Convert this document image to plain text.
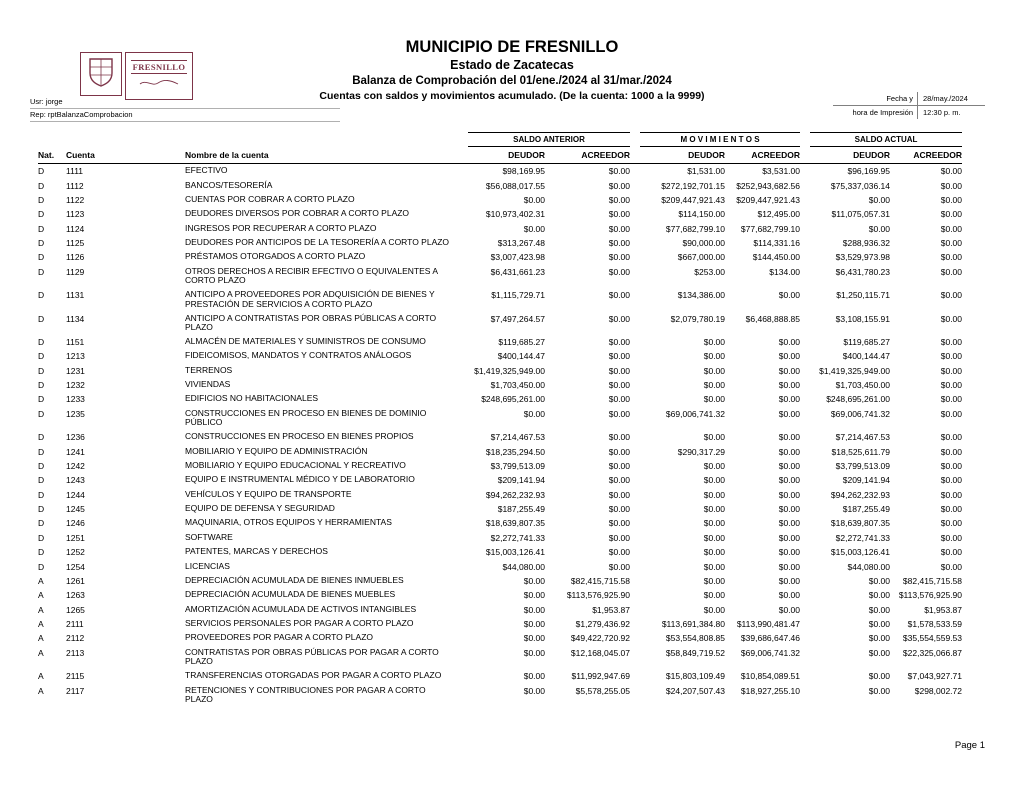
FRESNILLO
MUNICIPIO DE FRESNILLO
Estado de Zacatecas
Balanza de Comprobación del 01/ene./2024 al 31/mar./2024
Cuentas con saldos y movimientos acumulado. (De la cuenta: 1000 a la 9999)
Usr: jorge
Rep: rptBalanzaComprobacion
Fecha y	28/may./2024
hora de Impresión	12:30 p. m.

			SALDO ANTERIOR		M O V I M I E N T O S		SALDO ACTUAL	

Nat.	Cuenta	Nombre de la cuenta	DEUDOR	ACREEDOR	DEUDOR	ACREEDOR	DEUDOR	ACREEDOR
D	1111	EFECTIVO	$98,169.95	$0.00	$1,531.00	$3,531.00	$96,169.95	$0.00
D	1112	BANCOS/TESORERÍA	$56,088,017.55	$0.00	$272,192,701.15	$252,943,682.56	$75,337,036.14	$0.00
D	1122	CUENTAS POR COBRAR A CORTO PLAZO	$0.00	$0.00	$209,447,921.43	$209,447,921.43	$0.00	$0.00
D	1123	DEUDORES DIVERSOS POR COBRAR A CORTO PLAZO	$10,973,402.31	$0.00	$114,150.00	$12,495.00	$11,075,057.31	$0.00
D	1124	INGRESOS POR RECUPERAR A CORTO PLAZO	$0.00	$0.00	$77,682,799.10	$77,682,799.10	$0.00	$0.00
D	1125	DEUDORES POR ANTICIPOS DE LA TESORERÍA A CORTO PLAZO	$313,267.48	$0.00	$90,000.00	$114,331.16	$288,936.32	$0.00
D	1126	PRÉSTAMOS OTORGADOS A CORTO PLAZO	$3,007,423.98	$0.00	$667,000.00	$144,450.00	$3,529,973.98	$0.00
D	1129	OTROS DERECHOS A RECIBIR EFECTIVO O EQUIVALENTES A CORTO PLAZO	$6,431,661.23	$0.00	$253.00	$134.00	$6,431,780.23	$0.00
D	1131	ANTICIPO A PROVEEDORES POR ADQUISICIÓN DE BIENES Y PRESTACIÓN DE SERVICIOS A CORTO PLAZO	$1,115,729.71	$0.00	$134,386.00	$0.00	$1,250,115.71	$0.00
D	1134	ANTICIPO A CONTRATISTAS POR OBRAS PÚBLICAS A CORTO PLAZO	$7,497,264.57	$0.00	$2,079,780.19	$6,468,888.85	$3,108,155.91	$0.00
D	1151	ALMACÉN DE MATERIALES Y SUMINISTROS DE CONSUMO	$119,685.27	$0.00	$0.00	$0.00	$119,685.27	$0.00
D	1213	FIDEICOMISOS, MANDATOS Y CONTRATOS ANÁLOGOS	$400,144.47	$0.00	$0.00	$0.00	$400,144.47	$0.00
D	1231	TERRENOS	$1,419,325,949.00	$0.00	$0.00	$0.00	$1,419,325,949.00	$0.00
D	1232	VIVIENDAS	$1,703,450.00	$0.00	$0.00	$0.00	$1,703,450.00	$0.00
D	1233	EDIFICIOS NO HABITACIONALES	$248,695,261.00	$0.00	$0.00	$0.00	$248,695,261.00	$0.00
D	1235	CONSTRUCCIONES EN PROCESO EN BIENES DE DOMINIO PÚBLICO	$0.00	$0.00	$69,006,741.32	$0.00	$69,006,741.32	$0.00
D	1236	CONSTRUCCIONES EN PROCESO EN BIENES PROPIOS	$7,214,467.53	$0.00	$0.00	$0.00	$7,214,467.53	$0.00
D	1241	MOBILIARIO Y EQUIPO DE ADMINISTRACIÓN	$18,235,294.50	$0.00	$290,317.29	$0.00	$18,525,611.79	$0.00
D	1242	MOBILIARIO Y EQUIPO EDUCACIONAL Y RECREATIVO	$3,799,513.09	$0.00	$0.00	$0.00	$3,799,513.09	$0.00
D	1243	EQUIPO E INSTRUMENTAL MÉDICO Y DE LABORATORIO	$209,141.94	$0.00	$0.00	$0.00	$209,141.94	$0.00
D	1244	VEHÍCULOS Y EQUIPO DE TRANSPORTE	$94,262,232.93	$0.00	$0.00	$0.00	$94,262,232.93	$0.00
D	1245	EQUIPO DE DEFENSA Y SEGURIDAD	$187,255.49	$0.00	$0.00	$0.00	$187,255.49	$0.00
D	1246	MAQUINARIA, OTROS EQUIPOS Y HERRAMIENTAS	$18,639,807.35	$0.00	$0.00	$0.00	$18,639,807.35	$0.00
D	1251	SOFTWARE	$2,272,741.33	$0.00	$0.00	$0.00	$2,272,741.33	$0.00
D	1252	PATENTES, MARCAS Y DERECHOS	$15,003,126.41	$0.00	$0.00	$0.00	$15,003,126.41	$0.00
D	1254	LICENCIAS	$44,080.00	$0.00	$0.00	$0.00	$44,080.00	$0.00
A	1261	DEPRECIACIÓN ACUMULADA DE BIENES INMUEBLES	$0.00	$82,415,715.58	$0.00	$0.00	$0.00	$82,415,715.58
A	1263	DEPRECIACIÓN ACUMULADA DE BIENES MUEBLES	$0.00	$113,576,925.90	$0.00	$0.00	$0.00	$113,576,925.90
A	1265	AMORTIZACIÓN ACUMULADA DE ACTIVOS INTANGIBLES	$0.00	$1,953.87	$0.00	$0.00	$0.00	$1,953.87
A	2111	SERVICIOS PERSONALES POR PAGAR A CORTO PLAZO	$0.00	$1,279,436.92	$113,691,384.80	$113,990,481.47	$0.00	$1,578,533.59
A	2112	PROVEEDORES POR PAGAR A CORTO PLAZO	$0.00	$49,422,720.92	$53,554,808.85	$39,686,647.46	$0.00	$35,554,559.53
A	2113	CONTRATISTAS POR OBRAS PÚBLICAS POR PAGAR A CORTO PLAZO	$0.00	$12,168,045.07	$58,849,719.52	$69,006,741.32	$0.00	$22,325,066.87
A	2115	TRANSFERENCIAS OTORGADAS POR PAGAR A CORTO PLAZO	$0.00	$11,992,947.69	$15,803,109.49	$10,854,089.51	$0.00	$7,043,927.71
A	2117	RETENCIONES Y CONTRIBUCIONES POR PAGAR A CORTO PLAZO	$0.00	$5,578,255.05	$24,207,507.43	$18,927,255.10	$0.00	$298,002.72
Page 1
